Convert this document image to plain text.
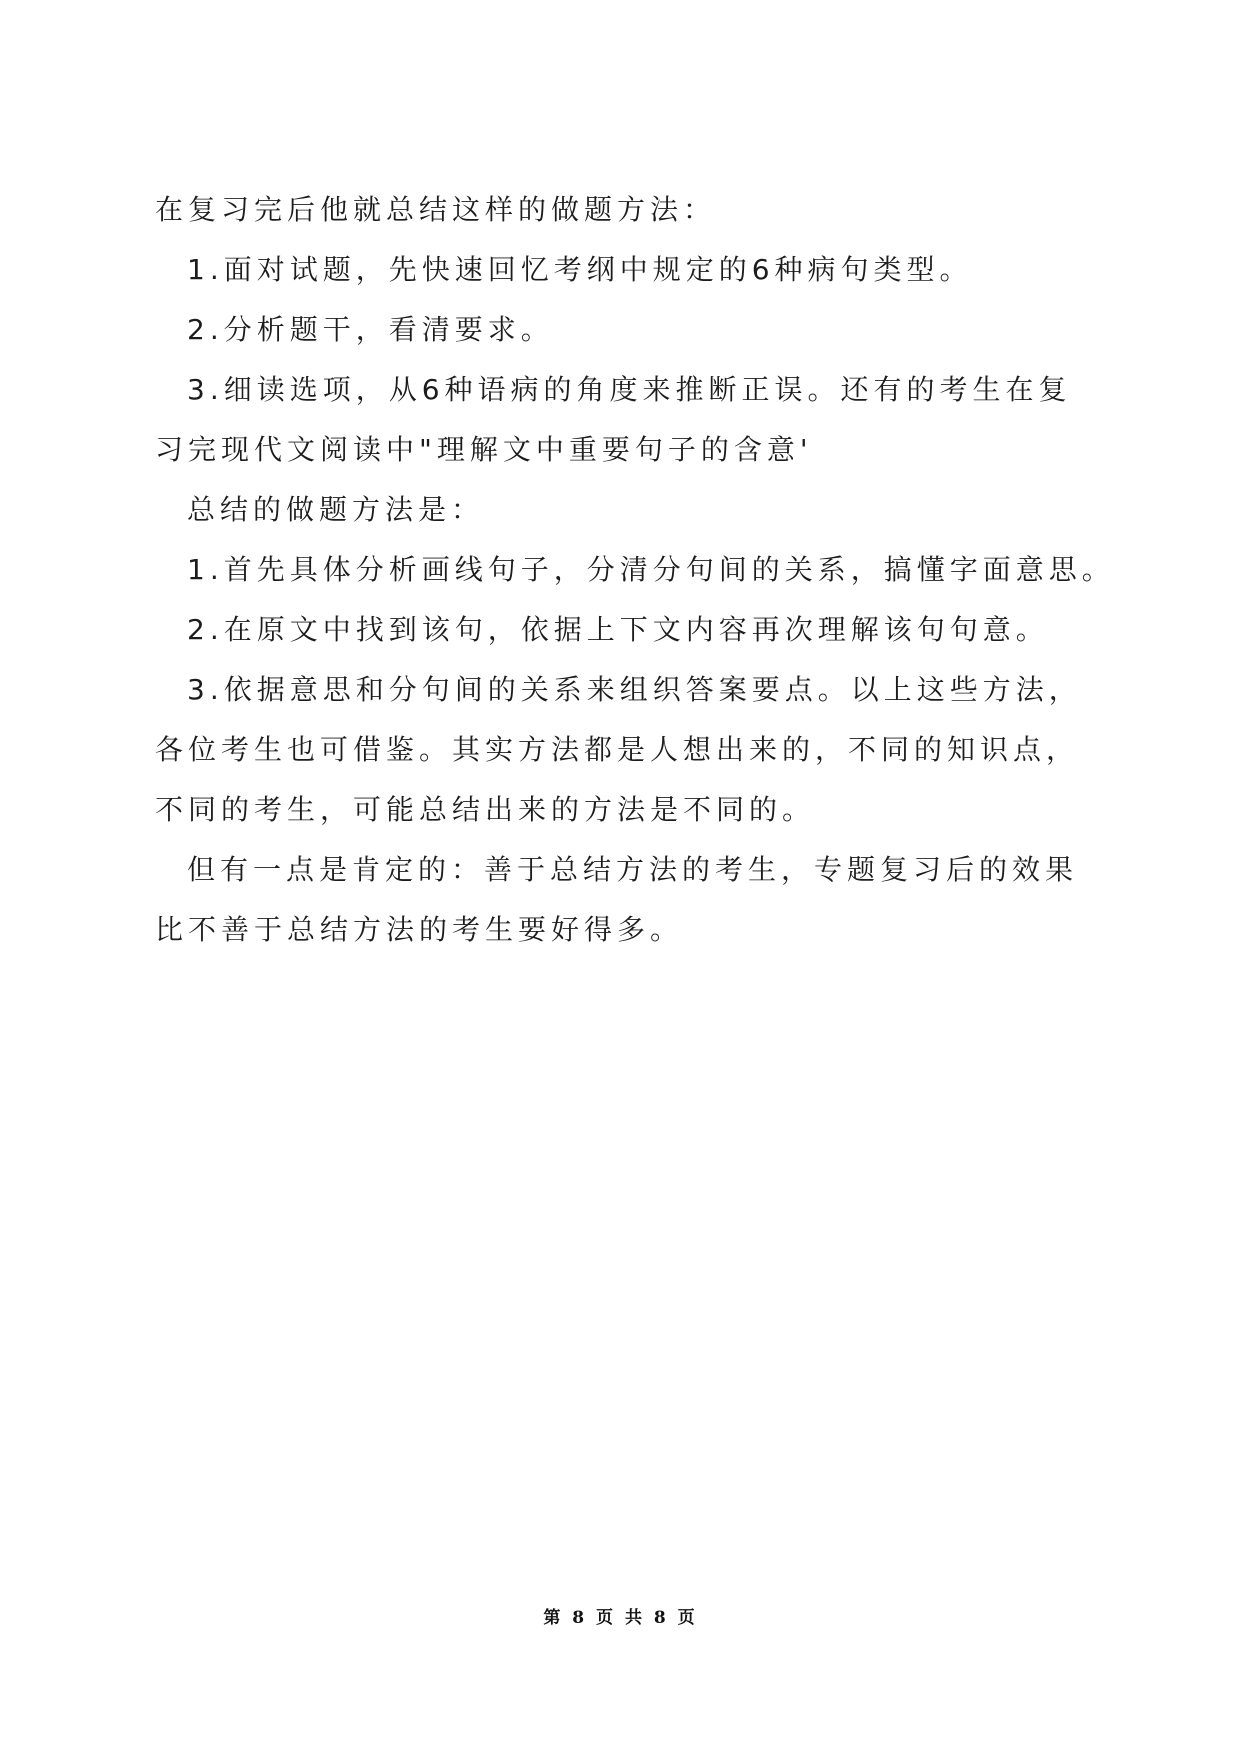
在复习完后他就总结这样的做题方法：
1.面对试题，先快速回忆考纲中规定的6种病句类型。
2.分析题干，看清要求。
3.细读选项，从6种语病的角度来推断正误。还有的考生在复
习完现代文阅读中"理解文中重要句子的含意'
总结的做题方法是：
1.首先具体分析画线句子，分清分句间的关系，搞懂字面意思。
2.在原文中找到该句，依据上下文内容再次理解该句句意。
3.依据意思和分句间的关系来组织答案要点。以上这些方法，
各位考生也可借鉴。其实方法都是人想出来的，不同的知识点，
不同的考生，可能总结出来的方法是不同的。
但有一点是肯定的：善于总结方法的考生，专题复习后的效果
比不善于总结方法的考生要好得多。
第 8 页 共 8 页
